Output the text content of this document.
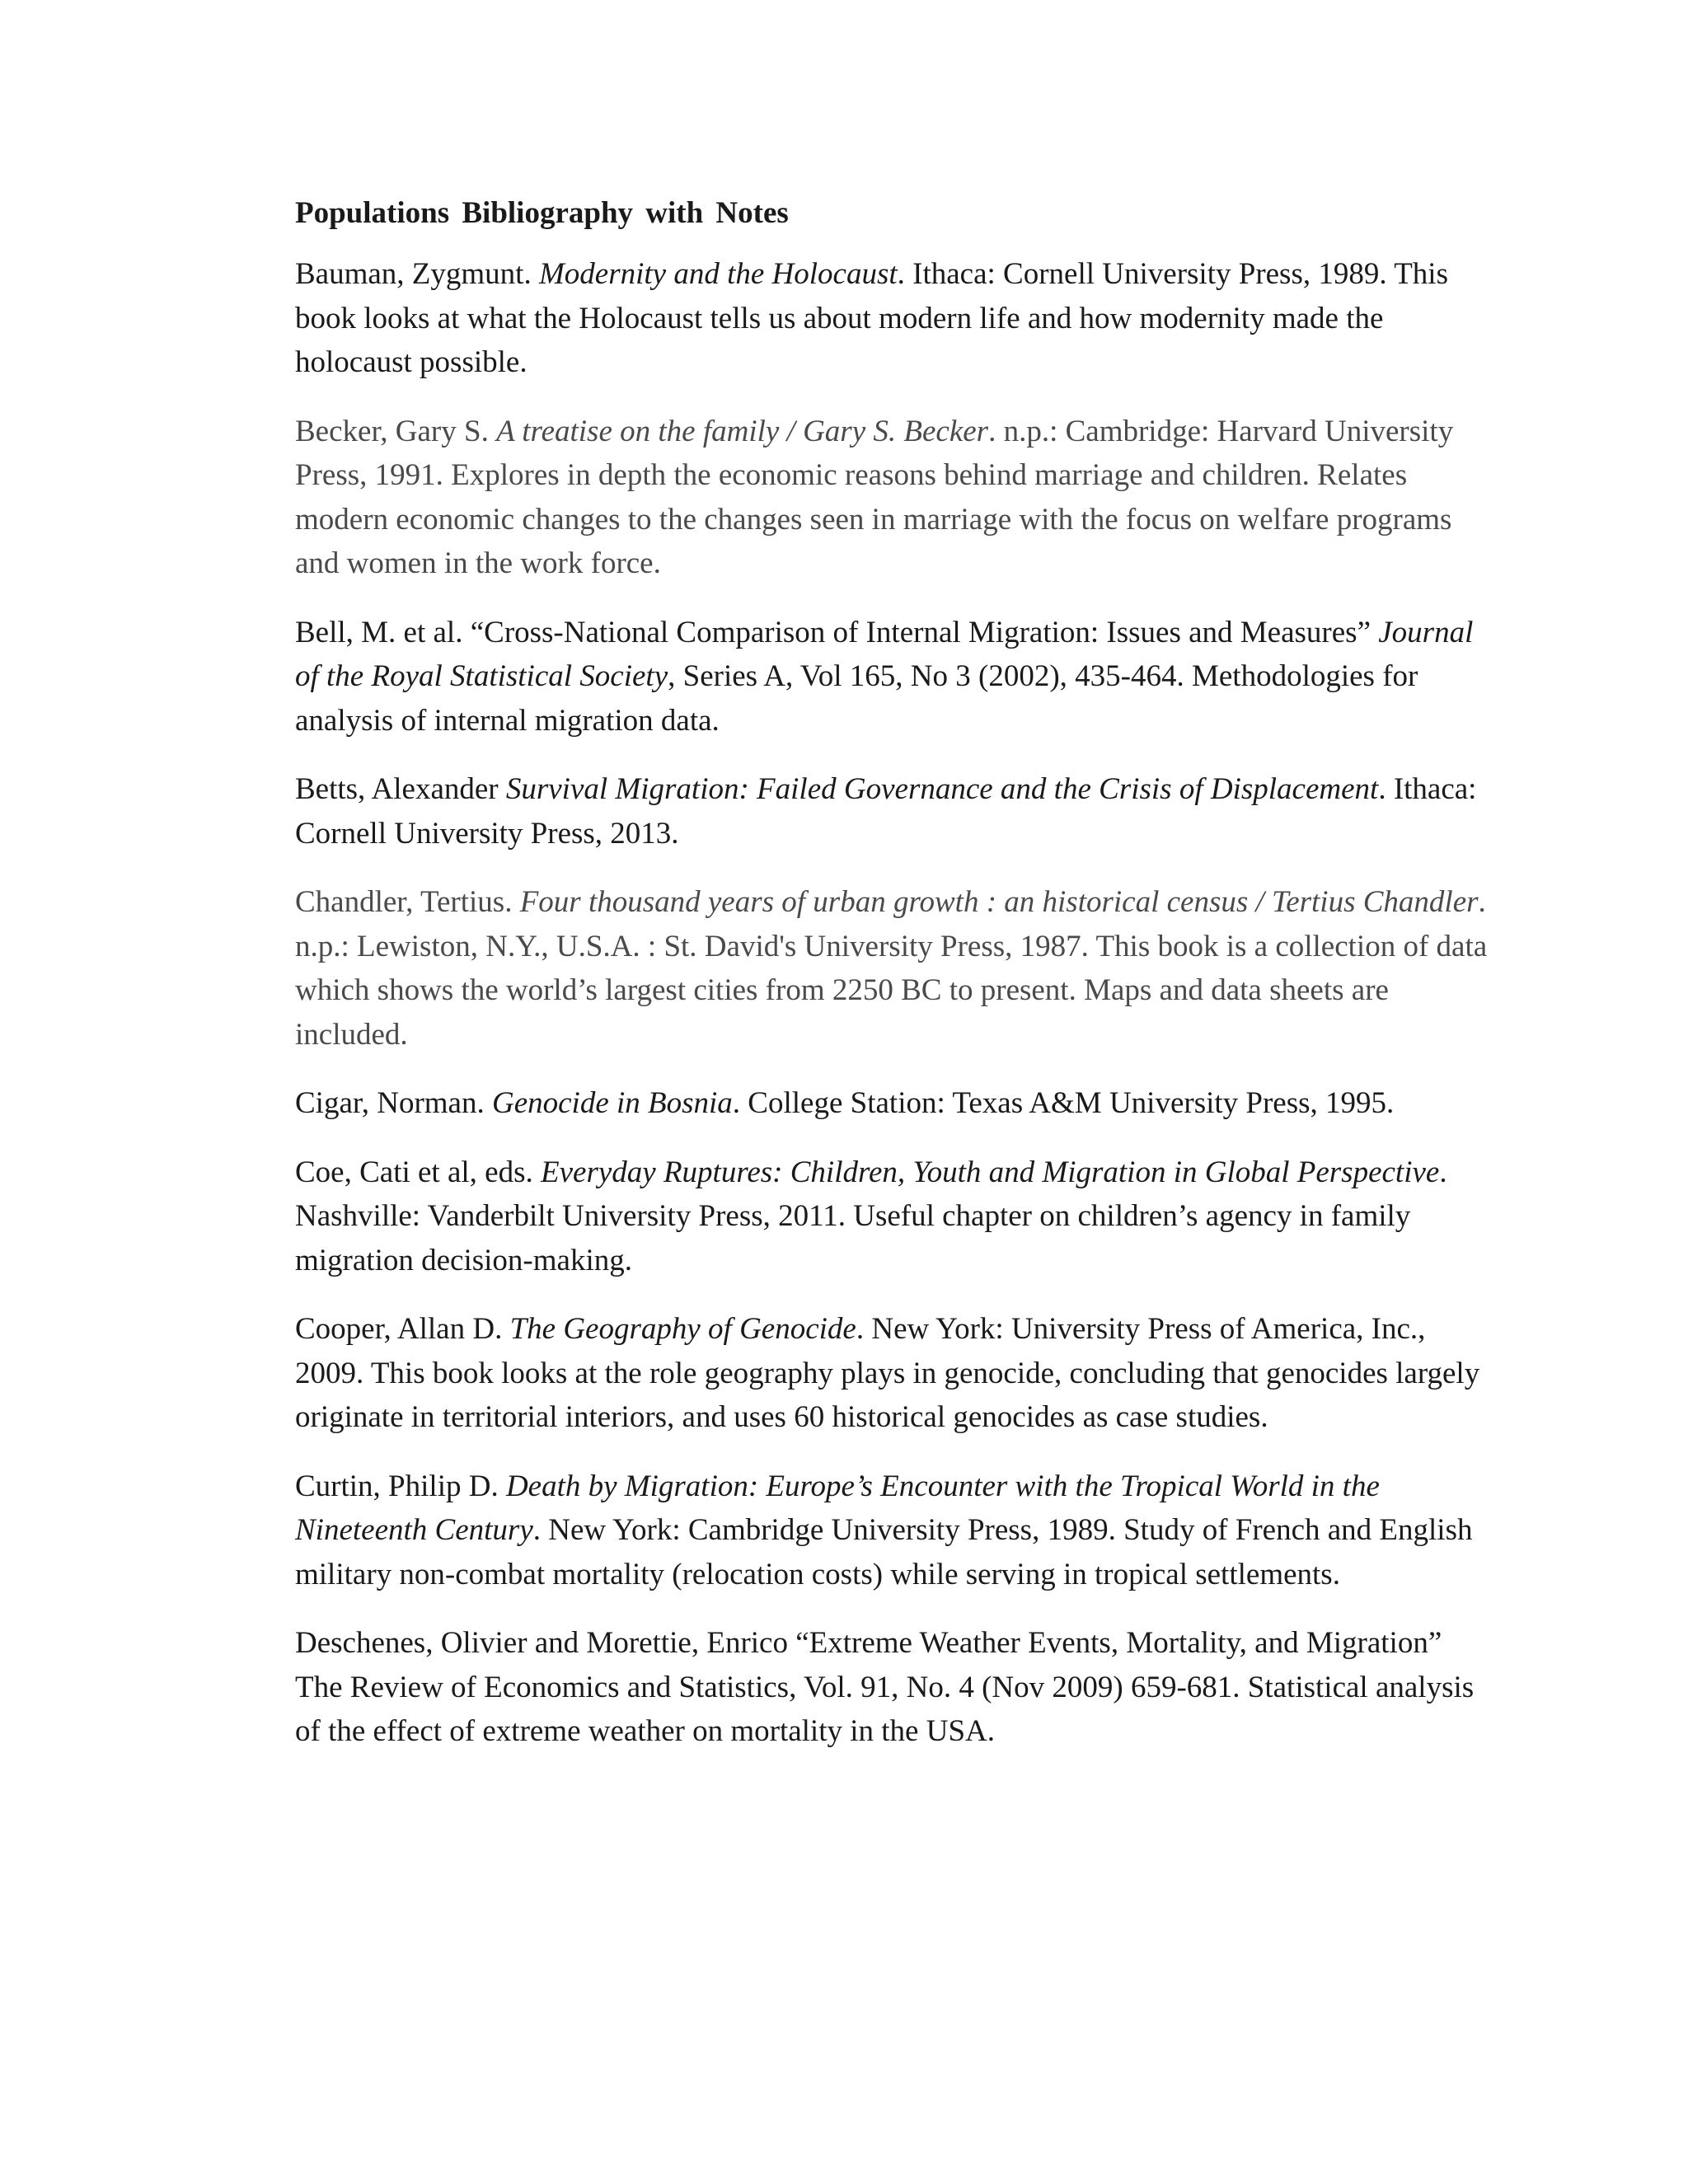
Populations Bibliography with Notes

Bauman, Zygmunt. Modernity and the Holocaust. Ithaca: Cornell University Press, 1989. This book looks at what the Holocaust tells us about modern life and how modernity made the holocaust possible.

Becker, Gary S. A treatise on the family / Gary S. Becker. n.p.: Cambridge: Harvard University Press, 1991. Explores in depth the economic reasons behind marriage and children. Relates modern economic changes to the changes seen in marriage with the focus on welfare programs and women in the work force.

Bell, M. et al. “Cross-National Comparison of Internal Migration: Issues and Measures” Journal of the Royal Statistical Society, Series A, Vol 165, No 3 (2002), 435-464. Methodologies for analysis of internal migration data.

Betts, Alexander Survival Migration: Failed Governance and the Crisis of Displacement. Ithaca: Cornell University Press, 2013.

Chandler, Tertius. Four thousand years of urban growth : an historical census / Tertius Chandler. n.p.: Lewiston, N.Y., U.S.A. : St. David's University Press, 1987. This book is a collection of data which shows the world’s largest cities from 2250 BC to present. Maps and data sheets are included.

Cigar, Norman. Genocide in Bosnia. College Station: Texas A&M University Press, 1995.

Coe, Cati et al, eds. Everyday Ruptures: Children, Youth and Migration in Global Perspective. Nashville: Vanderbilt University Press, 2011. Useful chapter on children’s agency in family migration decision-making.

Cooper, Allan D. The Geography of Genocide. New York: University Press of America, Inc., 2009. This book looks at the role geography plays in genocide, concluding that genocides largely originate in territorial interiors, and uses 60 historical genocides as case studies.

Curtin, Philip D. Death by Migration: Europe’s Encounter with the Tropical World in the Nineteenth Century. New York: Cambridge University Press, 1989. Study of French and English military non-combat mortality (relocation costs) while serving in tropical settlements.

Deschenes, Olivier and Morettie, Enrico “Extreme Weather Events, Mortality, and Migration” The Review of Economics and Statistics, Vol. 91, No. 4 (Nov 2009) 659-681. Statistical analysis of the effect of extreme weather on mortality in the USA.
